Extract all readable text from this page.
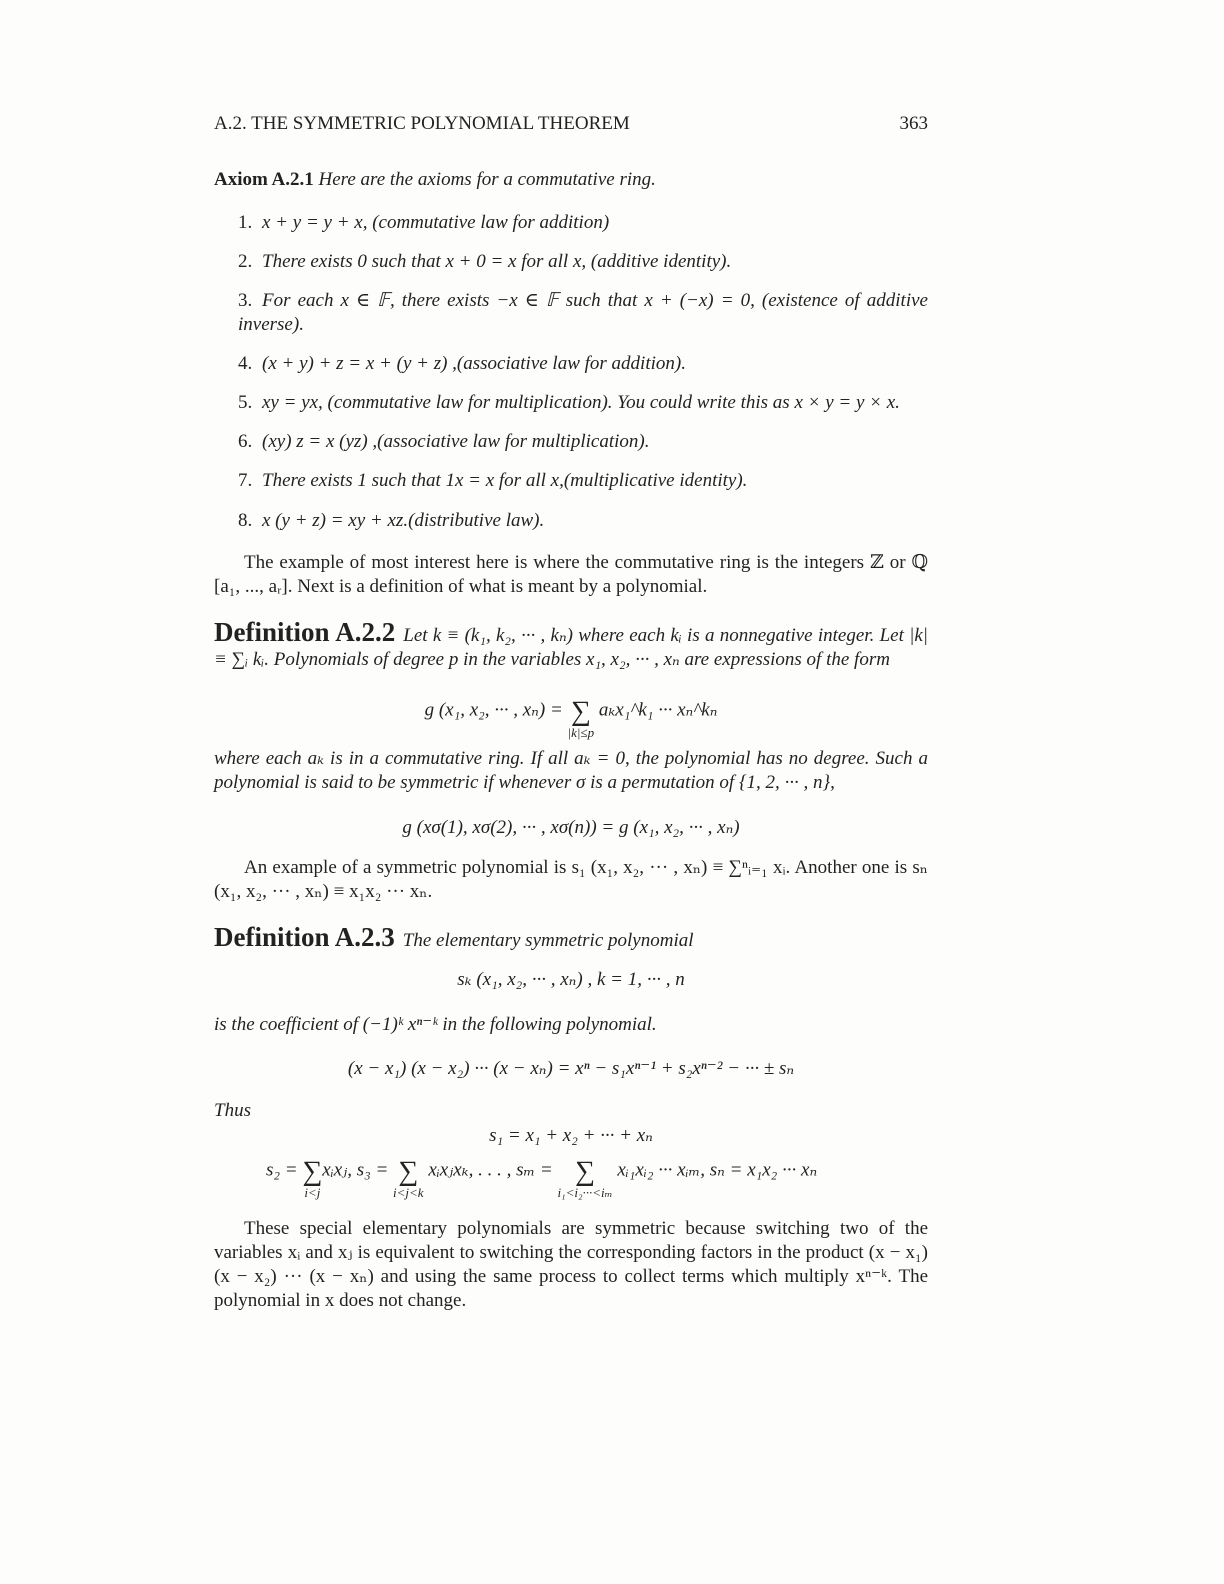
A.2. THE SYMMETRIC POLYNOMIAL THEOREM	363
Axiom A.2.1 Here are the axioms for a commutative ring.
1. x + y = y + x, (commutative law for addition)
2. There exists 0 such that x + 0 = x for all x, (additive identity).
3. For each x ∈ 𝔽, there exists −x ∈ 𝔽 such that x + (−x) = 0, (existence of additive inverse).
4. (x + y) + z = x + (y + z) ,(associative law for addition).
5. xy = yx, (commutative law for multiplication). You could write this as x × y = y × x.
6. (xy) z = x (yz) ,(associative law for multiplication).
7. There exists 1 such that 1x = x for all x,(multiplicative identity).
8. x (y + z) = xy + xz.(distributive law).
The example of most interest here is where the commutative ring is the integers ℤ or ℚ [a₁, ..., aᵣ]. Next is a definition of what is meant by a polynomial.
Definition A.2.2 Let k ≡ (k₁, k₂, ··· , kₙ) where each kᵢ is a nonnegative integer. Let |k| ≡ ∑ᵢ kᵢ. Polynomials of degree p in the variables x₁, x₂, ··· , xₙ are expressions of the form
g (x₁, x₂, ··· , xₙ) = ∑
|k|≤p
aₖx₁^k₁ ··· xₙ^kₙ
where each aₖ is in a commutative ring. If all aₖ = 0, the polynomial has no degree. Such a polynomial is said to be symmetric if whenever σ is a permutation of {1, 2, ··· , n},
g (xσ(1), xσ(2), ··· , xσ(n)) = g (x₁, x₂, ··· , xₙ)
An example of a symmetric polynomial is s₁ (x₁, x₂, ··· , xₙ) ≡ ∑ⁿᵢ₌₁ xᵢ. Another one is sₙ (x₁, x₂, ··· , xₙ) ≡ x₁x₂ ··· xₙ.
Definition A.2.3 The elementary symmetric polynomial
sₖ (x₁, x₂, ··· , xₙ) , k = 1, ··· , n
is the coefficient of (−1)ᵏ xⁿ⁻ᵏ in the following polynomial.
(x − x₁) (x − x₂) ··· (x − xₙ) = xⁿ − s₁xⁿ⁻¹ + s₂xⁿ⁻² − ··· ± sₙ
Thus
s₁ = x₁ + x₂ + ··· + xₙ
s₂ = ∑
i<j
xᵢxⱼ, s₃ = ∑
i<j<k
xᵢxⱼxₖ, . . . , sₘ = ∑
i₁<i₂···<iₘ
xᵢ₁xᵢ₂ ··· xᵢₘ, sₙ = x₁x₂ ··· xₙ
These special elementary polynomials are symmetric because switching two of the variables xᵢ and xⱼ is equivalent to switching the corresponding factors in the product (x − x₁) (x − x₂) ··· (x − xₙ) and using the same process to collect terms which multiply xⁿ⁻ᵏ. The polynomial in x does not change.
